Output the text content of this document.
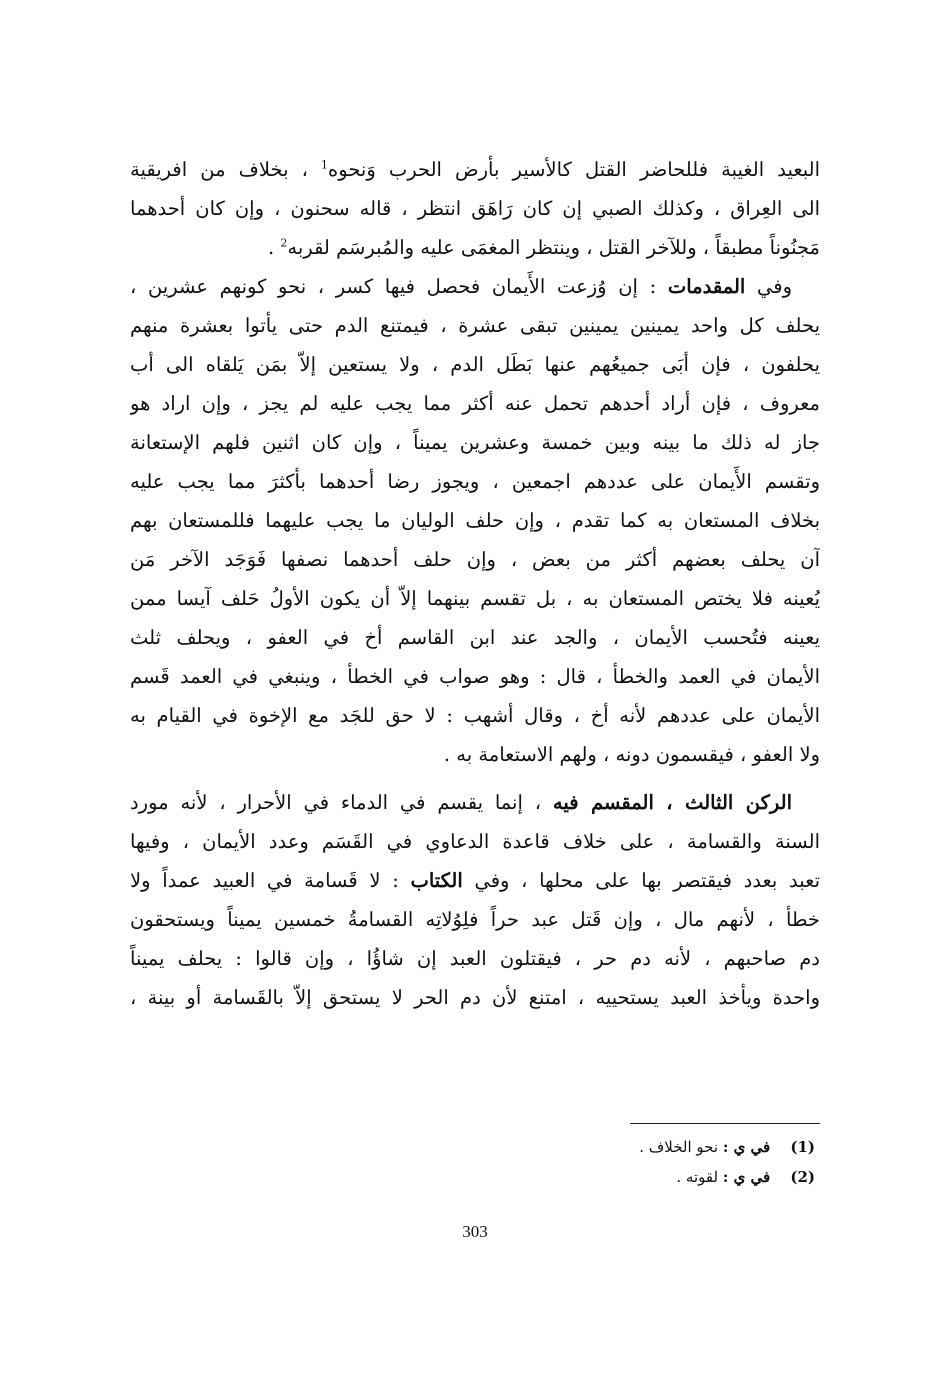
البعيد الغيبة فللحاضر القتل كالأسير بأرض الحرب وَنحوه$^1$ ، بخلاف من افريقية
الى العِراق ، وكذلك الصبي إن كان رَاهَق انتظر ، قاله سحنون ، وإن كان أحدهما
مَجنُوناً مطبقاً ، وللآخر القتل ، وينتظر المغمَى عليه والمُبرسَم لقربه$^2$ .
وفي المقدمات : إن وُزعت الأَيمان فحصل فيها كسر ، نحو كونهم عشرين ،
يحلف كل واحد يمينين يمينين تبقى عشرة ، فيمتنع الدم حتى يأتوا بعشرة منهم
يحلفون ، فإن أبَى جميعُهم عنها بَطَل الدم ، ولا يستعين إلاّ بمَن يَلقاه الى أب
معروف ، فإن أراد أحدهم تحمل عنه أكثر مما يجب عليه لم يجز ، وإن اراد هو
جاز له ذلك ما بينه وبين خمسة وعشرين يميناً ، وإن كان اثنين فلهم الإستعانة
وتقسم الأَيمان على عددهم اجمعين ، ويجوز رضا أحدهما بأكثرَ مما يجب عليه
بخلاف المستعان به كما تقدم ، وإن حلف الوليان ما يجب عليهما فللمستعان بهم
آن يحلف بعضهم أكثر من بعض ، وإن حلف أحدهما نصفها فَوَجَد الآخر مَن
يُعينه فلا يختص المستعان به ، بل تقسم بينهما إلاّ أن يكون الأولُ حَلف آيسا ممن
يعينه فتُحسب الأيمان ، والجد عند ابن القاسم أخ في العفو ، ويحلف ثلث
الأيمان في العمد والخطأ ، قال : وهو صواب في الخطأ ، وينبغي في العمد قَسم
الأيمان على عددهم لأنه أخ ، وقال أشهب : لا حق للجَد مع الإخوة في القيام به
ولا العفو ، فيقسمون دونه ، ولهم الاستعامة به .
الركن الثالث ، المقسم فيه ، إنما يقسم في الدماء في الأحرار ، لأنه مورد
السنة والقسامة ، على خلاف قاعدة الدعاوي في القَسَم وعدد الأيمان ، وفيها
تعبد بعدد فيقتصر بها على محلها ، وفي الكتاب : لا قَسامة في العبيد عمداً ولا
خطأ ، لأنهم مال ، وإن قَتل عبد حراً فلِوُلاتِه القسامةُ خمسين يميناً ويستحقون
دم صاحبهم ، لأنه دم حر ، فيقتلون العبد إن شاؤُا ، وإن قالوا : يحلف يميناً
واحدة ويأخذ العبد يستحييه ، امتنع لأن دم الحر لا يستحق إلاّ بالقَسامة أو بينة ،
(1) في ي : نحو الخلاف .
(2) في ي : لقوته .
303
